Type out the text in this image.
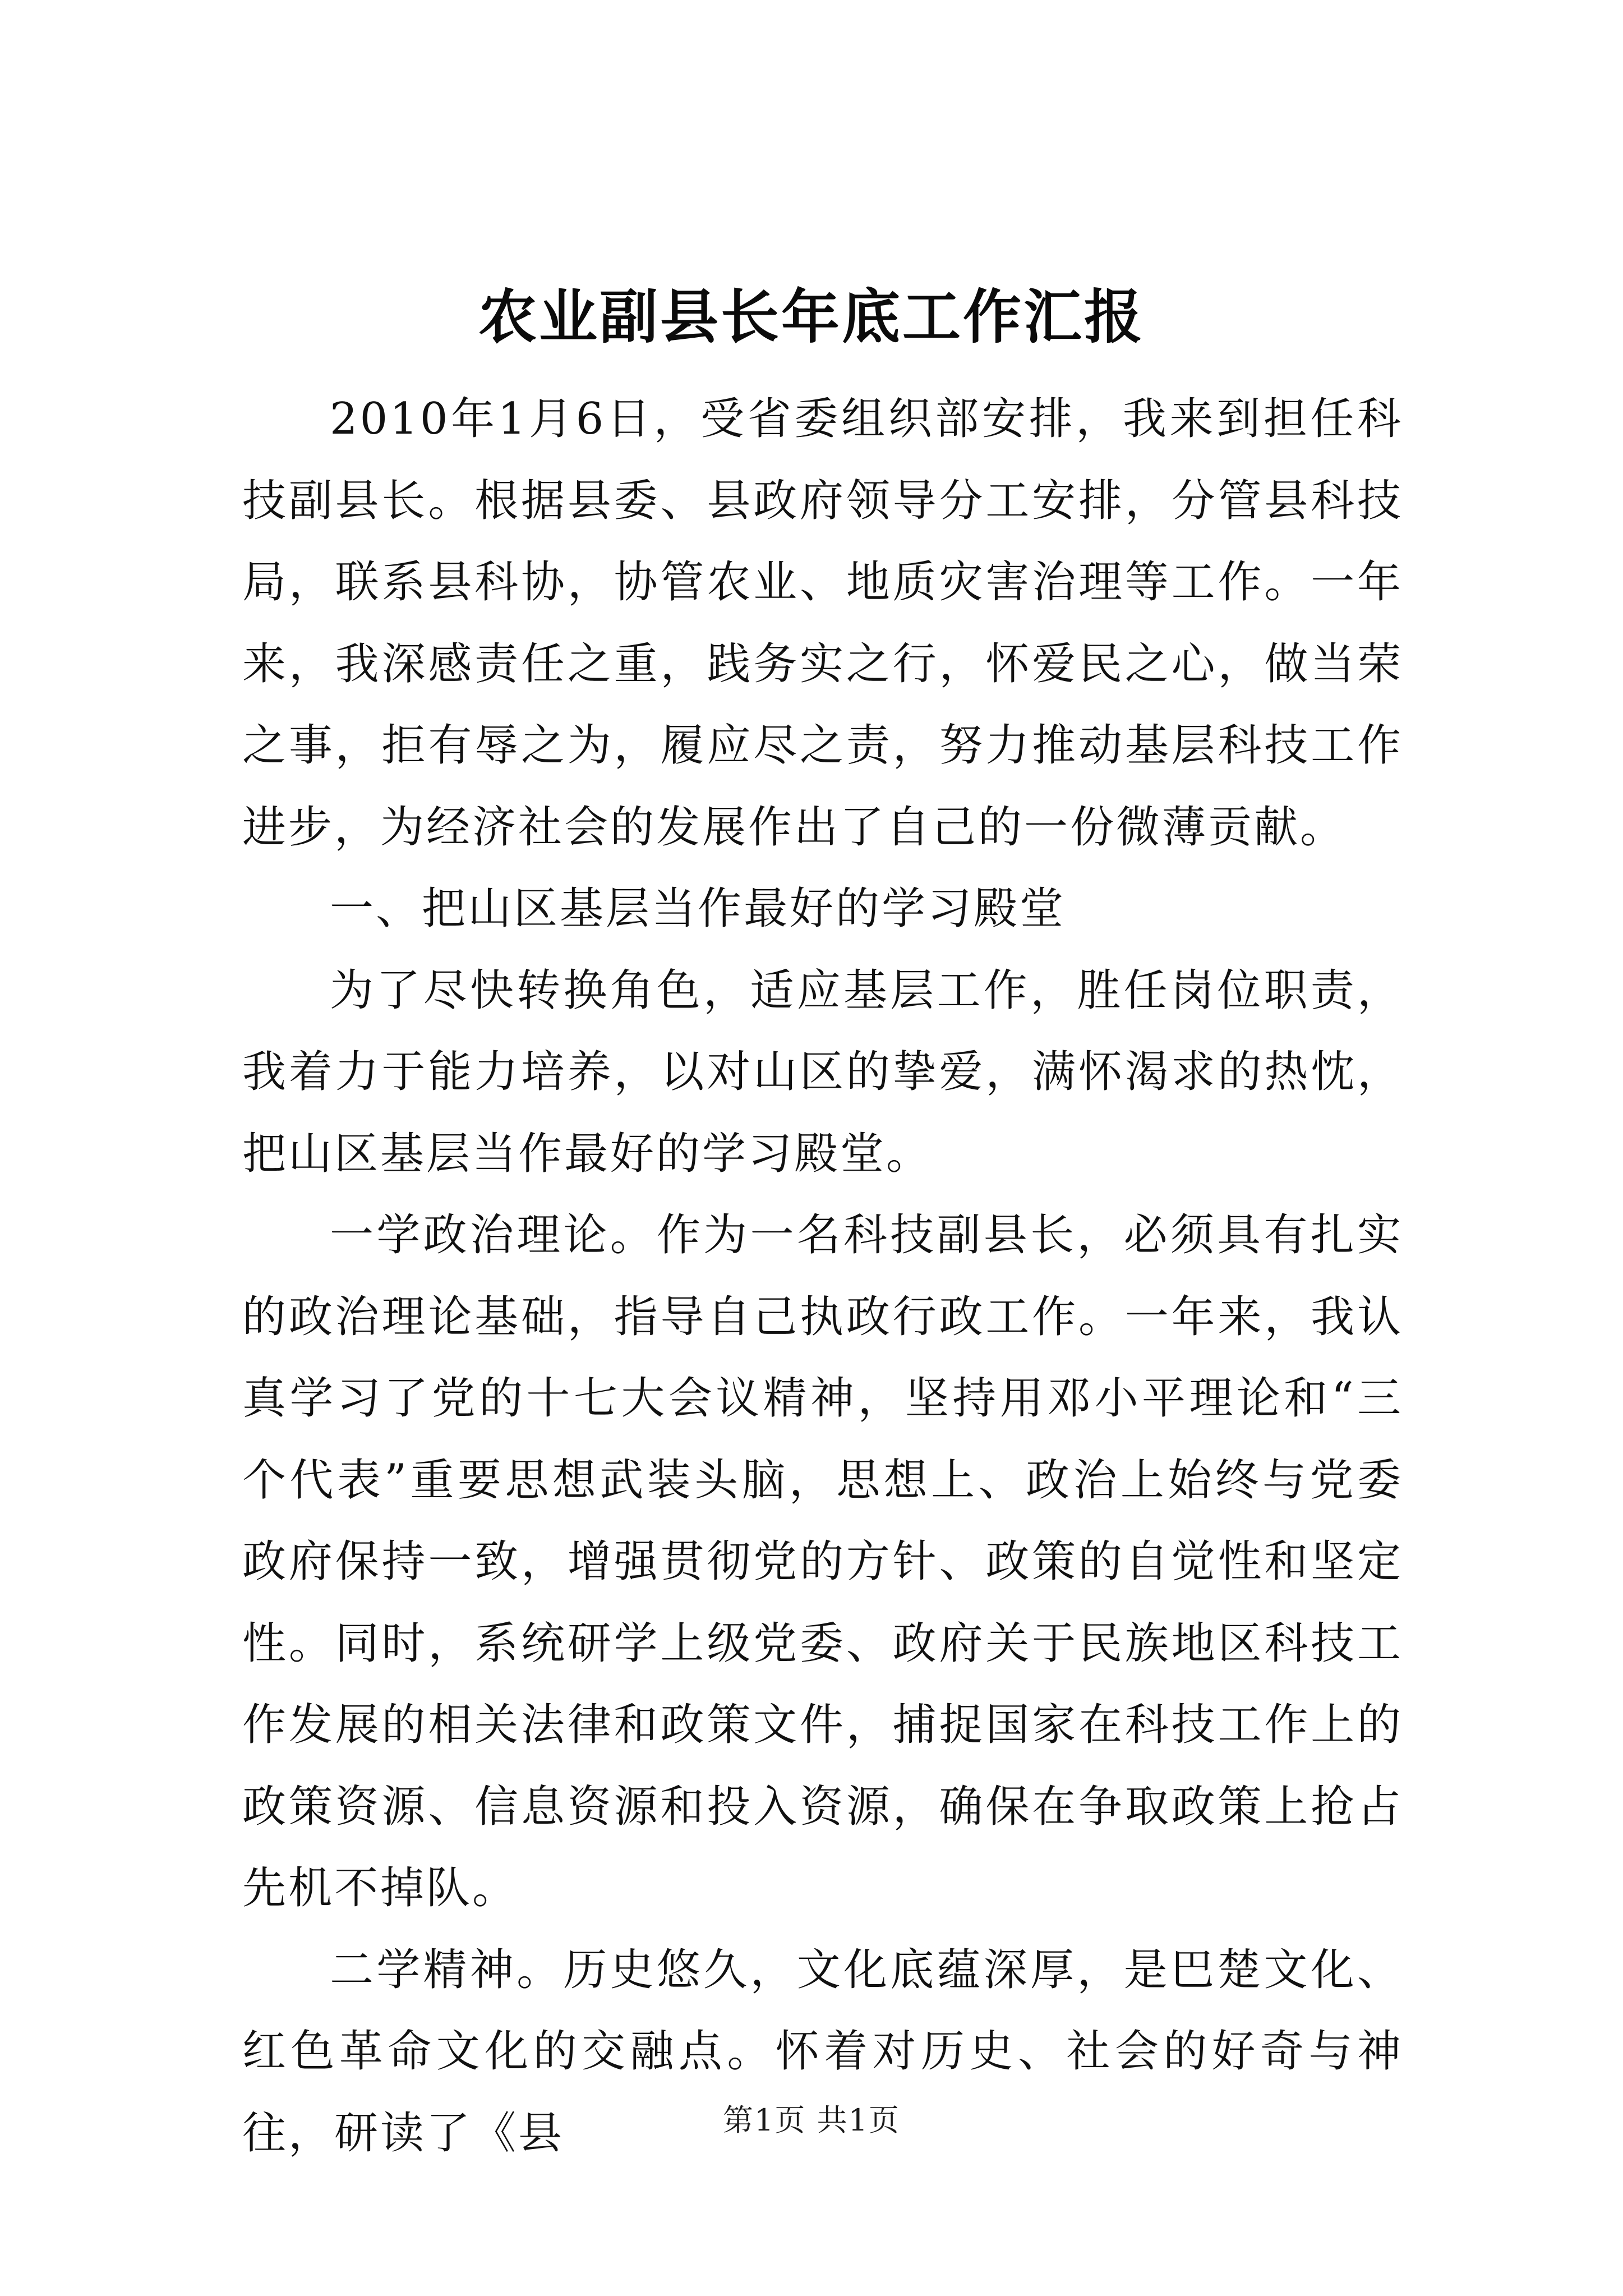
农业副县长年底工作汇报

2010年1月6日，受省委组织部安排，我来到担任科技副县长。根据县委、县政府领导分工安排，分管县科技局，联系县科协，协管农业、地质灾害治理等工作。一年来，我深感责任之重，践务实之行，怀爱民之心，做当荣之事，拒有辱之为，履应尽之责，努力推动基层科技工作进步，为经济社会的发展作出了自己的一份微薄贡献。

一、把山区基层当作最好的学习殿堂

为了尽快转换角色，适应基层工作，胜任岗位职责，我着力于能力培养，以对山区的挚爱，满怀渴求的热忱，把山区基层当作最好的学习殿堂。

一学政治理论。作为一名科技副县长，必须具有扎实的政治理论基础，指导自己执政行政工作。一年来，我认真学习了党的十七大会议精神，坚持用邓小平理论和“三个代表”重要思想武装头脑，思想上、政治上始终与党委政府保持一致，增强贯彻党的方针、政策的自觉性和坚定性。同时，系统研学上级党委、政府关于民族地区科技工作发展的相关法律和政策文件，捕捉国家在科技工作上的政策资源、信息资源和投入资源，确保在争取政策上抢占先机不掉队。

二学精神。历史悠久，文化底蕴深厚，是巴楚文化、红色革命文化的交融点。怀着对历史、社会的好奇与神往，研读了《县	第1页 共1页
